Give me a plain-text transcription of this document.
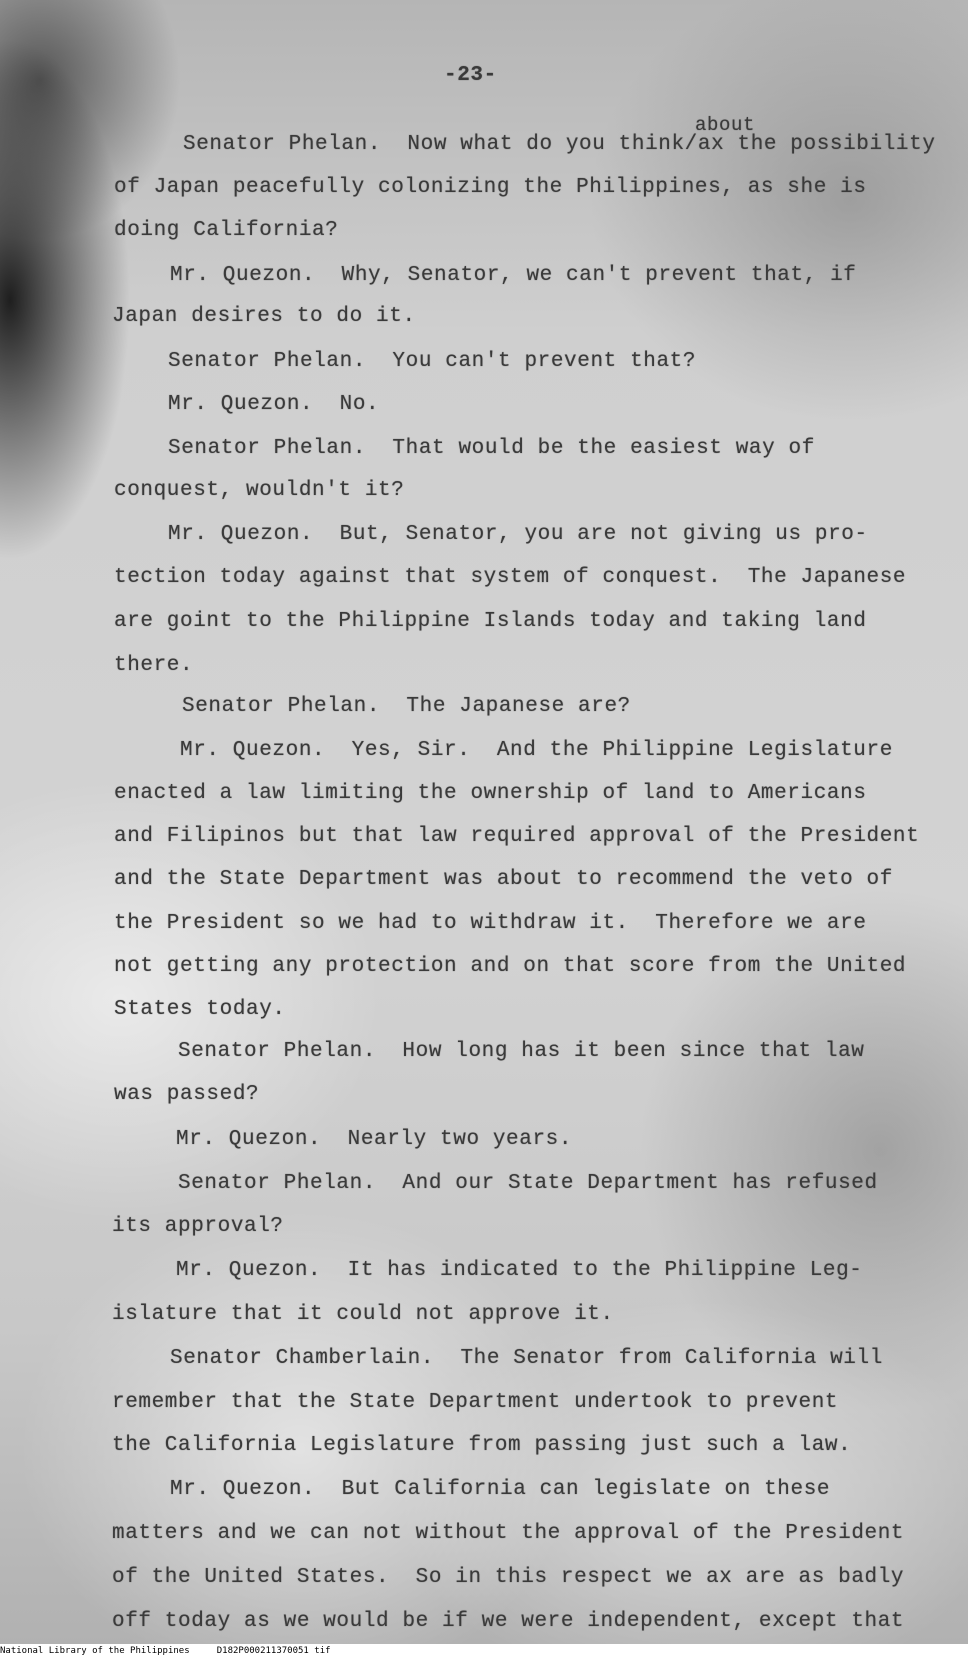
-23-

about

Senator Phelan.  Now what do you think/ax the possibility

of Japan peacefully colonizing the Philippines, as she is

doing California?

Mr. Quezon.  Why, Senator, we can't prevent that, if

Japan desires to do it.

Senator Phelan.  You can't prevent that?

Mr. Quezon.  No.

Senator Phelan.  That would be the easiest way of

conquest, wouldn't it?

Mr. Quezon.  But, Senator, you are not giving us pro-

tection today against that system of conquest.  The Japanese

are goint to the Philippine Islands today and taking land

there.

Senator Phelan.  The Japanese are?

Mr. Quezon.  Yes, Sir.  And the Philippine Legislature

enacted a law limiting the ownership of land to Americans

and Filipinos but that law required approval of the President

and the State Department was about to recommend the veto of

the President so we had to withdraw it.  Therefore we are

not getting any protection and on that score from the United

States today.

Senator Phelan.  How long has it been since that law

was passed?

Mr. Quezon.  Nearly two years.

Senator Phelan.  And our State Department has refused

its approval?

Mr. Quezon.  It has indicated to the Philippine Leg-

islature that it could not approve it.

Senator Chamberlain.  The Senator from California will

remember that the State Department undertook to prevent

the California Legislature from passing just such a law.

Mr. Quezon.  But California can legislate on these

matters and we can not without the approval of the President

of the United States.  So in this respect we ax are as badly

off today as we would be if we were independent, except that

National Library of the Philippines     D182P000211370051 tif
